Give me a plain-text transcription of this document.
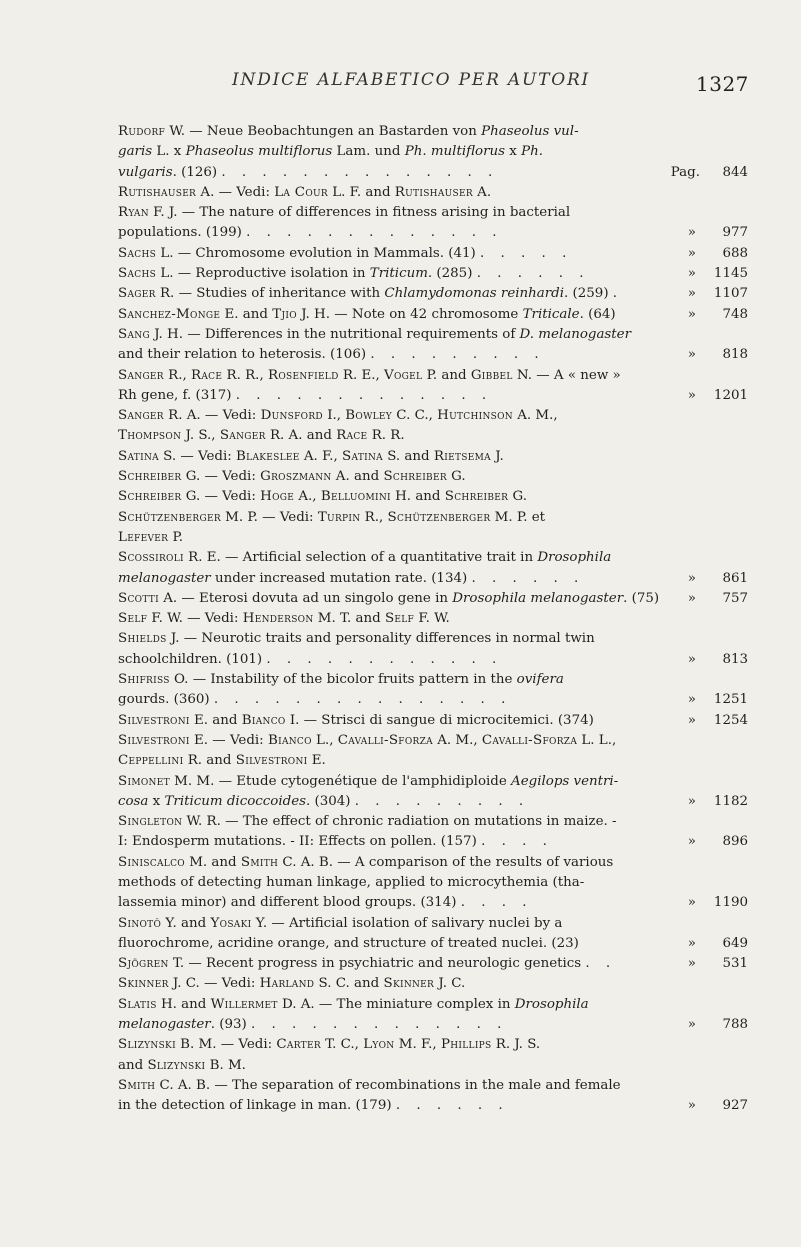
INDICE ALFABETICO PER AUTORI	1327
Rudorf W. — Neue Beobachtungen an Bastarden von Phaseolus vul-
garis L. x Phaseolus multiflorus Lam. und Ph. multiflorus x Ph.
vulgaris. (126) . . . . . . . . . . . . . .	Pag. 844
Rutishauser A. — Vedi: La Cour L. F. and Rutishauser A.
Ryan F. J. — The nature of differences in fitness arising in bacterial
populations. (199) . . . . . . . . . . . . .	» 977
Sachs L. — Chromosome evolution in Mammals. (41) . . . . .	» 688
Sachs L. — Reproductive isolation in Triticum. (285) . . . . . .	» 1145
Sager R. — Studies of inheritance with Chlamydomonas reinhardi. (259) .	» 1107
Sanchez-Monge E. and Tjio J. H. — Note on 42 chromosome Triticale. (64)	» 748
Sang J. H. — Differences in the nutritional requirements of D. melanogaster
and their relation to heterosis. (106) . . . . . . . . .	» 818
Sanger R., Race R. R., Rosenfield R. E., Vogel P. and Gibbel N. — A « new »
Rh gene, f. (317) . . . . . . . . . . . . .	» 1201
Sanger R. A. — Vedi: Dunsford I., Bowley C. C., Hutchinson A. M.,
Thompson J. S., Sanger R. A. and Race R. R.
Satina S. — Vedi: Blakeslee A. F., Satina S. and Rietsema J.
Schreiber G. — Vedi: Groszmann A. and Schreiber G.
Schreiber G. — Vedi: Hoge A., Belluomini H. and Schreiber G.
Schützenberger M. P. — Vedi: Turpin R., Schützenberger M. P. et
Lefever P.
Scossiroli R. E. — Artificial selection of a quantitative trait in Drosophila
melanogaster under increased mutation rate. (134) . . . . . .	» 861
Scotti A. — Eterosi dovuta ad un singolo gene in Drosophila melanogaster. (75) » 757
Self F. W. — Vedi: Henderson M. T. and Self F. W.
Shields J. — Neurotic traits and personality differences in normal twin
schoolchildren. (101) . . . . . . . . . . . .	» 813
Shifriss O. — Instability of the bicolor fruits pattern in the ovifera
gourds. (360) . . . . . . . . . . . . . . .	» 1251
Silvestroni E. and Bianco I. — Strisci di sangue di microcitemici. (374)	» 1254
Silvestroni E. — Vedi: Bianco L., Cavalli-Sforza A. M., Cavalli-Sforza L. L.,
Ceppellini R. and Silvestroni E.
Simonet M. M. — Etude cytogenétique de l'amphidiploide Aegilops ventri-
cosa x Triticum dicoccoides. (304) . . . . . . . . .	» 1182
Singleton W. R. — The effect of chronic radiation on mutations in maize. -
I: Endosperm mutations. - II: Effects on pollen. (157) . . . .	» 896
Siniscalco M. and Smith C. A. B. — A comparison of the results of various
methods of detecting human linkage, applied to microcythemia (tha-
lassemia minor) and different blood groups. (314) . . . .	» 1190
Sinotô Y. and Yosaki Y. — Artificial isolation of salivary nuclei by a
fluorochrome, acridine orange, and structure of treated nuclei. (23)	» 649
Sjögren T. — Recent progress in psychiatric and neurologic genetics . .	» 531
Skinner J. C. — Vedi: Harland S. C. and Skinner J. C.
Slatis H. and Willermet D. A. — The miniature complex in Drosophila
melanogaster. (93) . . . . . . . . . . . . .	» 788
Slizynski B. M. — Vedi: Carter T. C., Lyon M. F., Phillips R. J. S.
and Slizynski B. M.
Smith C. A. B. — The separation of recombinations in the male and female
in the detection of linkage in man. (179) . . . . . .	» 927
